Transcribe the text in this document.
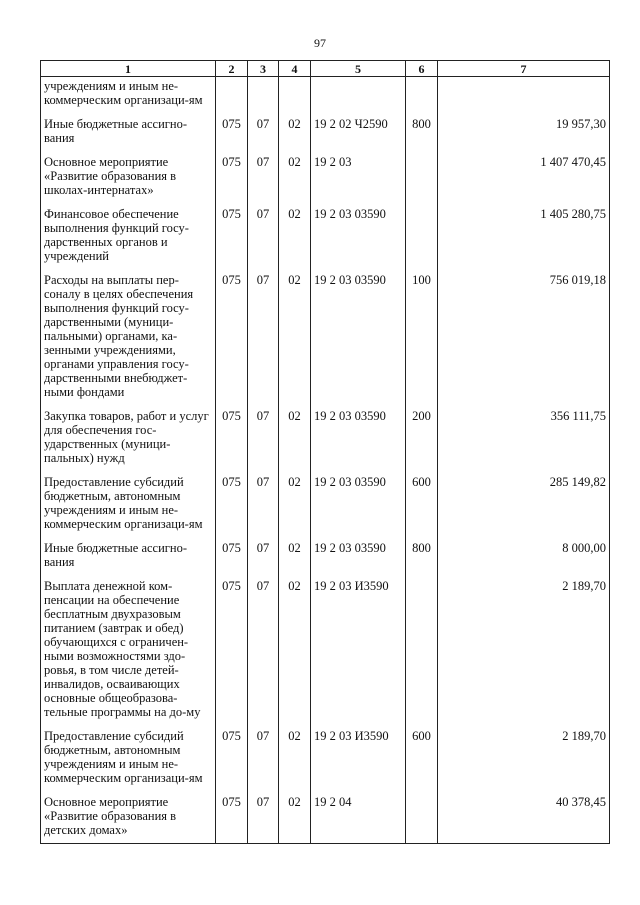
97
1	2	3	4	5	6	7
учреждениям и иным не-коммерческим организаци-ям						
Иные бюджетные ассигно-вания	075	07	02	19 2 02 Ч2590	800	19 957,30
Основное мероприятие «Развитие образования в школах-интернатах»	075	07	02	19 2 03		1 407 470,45
Финансовое обеспечение выполнения функций госу-дарственных органов и учреждений	075	07	02	19 2 03 03590		1 405 280,75
Расходы на выплаты пер-соналу в целях обеспечения выполнения функций госу-дарственными (муници-пальными) органами, ка-зенными учреждениями, органами управления госу-дарственными внебюджет-ными фондами	075	07	02	19 2 03 03590	100	756 019,18
Закупка товаров, работ и услуг для обеспечения гос-ударственных (муници-пальных) нужд	075	07	02	19 2 03 03590	200	356 111,75
Предоставление субсидий бюджетным, автономным учреждениям и иным не-коммерческим организаци-ям	075	07	02	19 2 03 03590	600	285 149,82
Иные бюджетные ассигно-вания	075	07	02	19 2 03 03590	800	8 000,00
Выплата денежной ком-пенсации на обеспечение бесплатным двухразовым питанием (завтрак и обед) обучающихся с ограничен-ными возможностями здо-ровья, в том числе детей-инвалидов, осваивающих основные общеобразова-тельные программы на до-му	075	07	02	19 2 03 И3590		2 189,70
Предоставление субсидий бюджетным, автономным учреждениям и иным не-коммерческим организаци-ям	075	07	02	19 2 03 И3590	600	2 189,70
Основное мероприятие «Развитие образования в детских домах»	075	07	02	19 2 04		40 378,45
